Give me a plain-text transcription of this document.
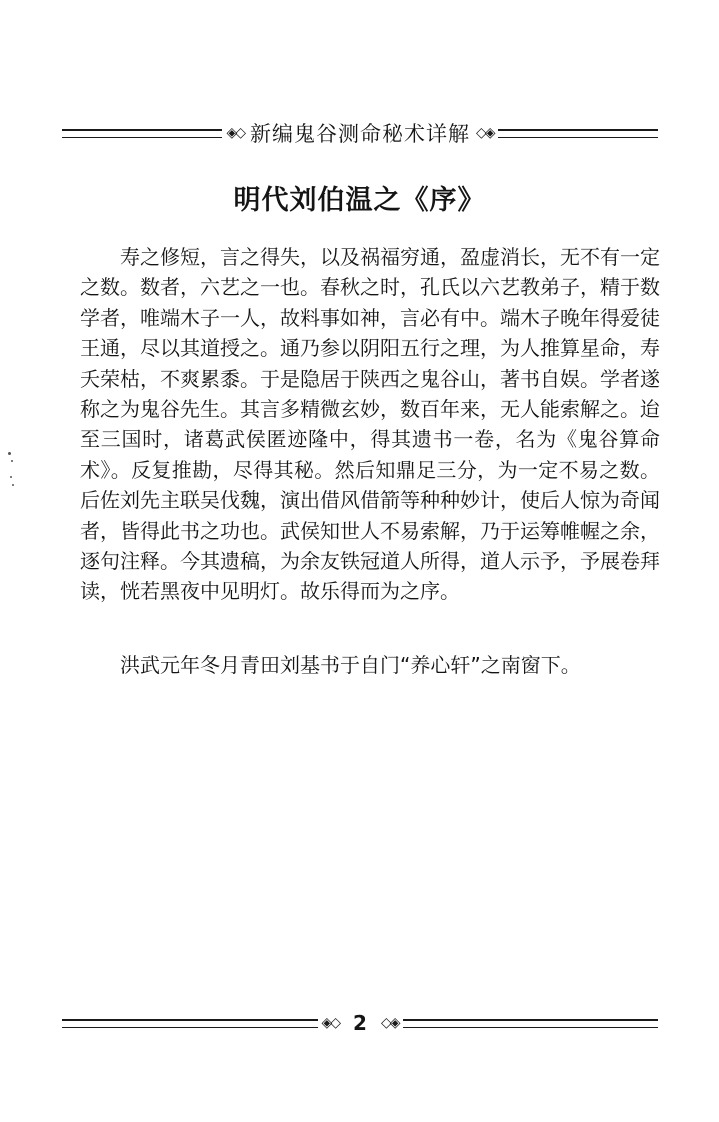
◈◇ 新编鬼谷测命秘术详解 ◇◈
明代刘伯温之《序》

寿之修短，言之得失，以及祸福穷通，盈虚消长，无不有一定之数。数者，六艺之一也。春秋之时，孔氏以六艺教弟子，精于数学者，唯端木子一人，故料事如神，言必有中。端木子晚年得爱徒王通，尽以其道授之。通乃参以阴阳五行之理，为人推算星命，寿夭荣枯，不爽累黍。于是隐居于陕西之鬼谷山，著书自娱。学者遂称之为鬼谷先生。其言多精微玄妙，数百年来，无人能索解之。迨至三国时，诸葛武侯匿迹隆中，得其遗书一卷，名为《鬼谷算命术》。反复推勘，尽得其秘。然后知鼎足三分，为一定不易之数。后佐刘先主联吴伐魏，演出借风借箭等种种妙计，使后人惊为奇闻者，皆得此书之功也。武侯知世人不易索解，乃于运筹帷幄之余，逐句注释。今其遗稿，为余友铁冠道人所得，道人示予，予展卷拜读，恍若黑夜中见明灯。故乐得而为之序。

洪武元年冬月青田刘基书于自门“养心轩”之南窗下。

◈◇ 2	◇◈
